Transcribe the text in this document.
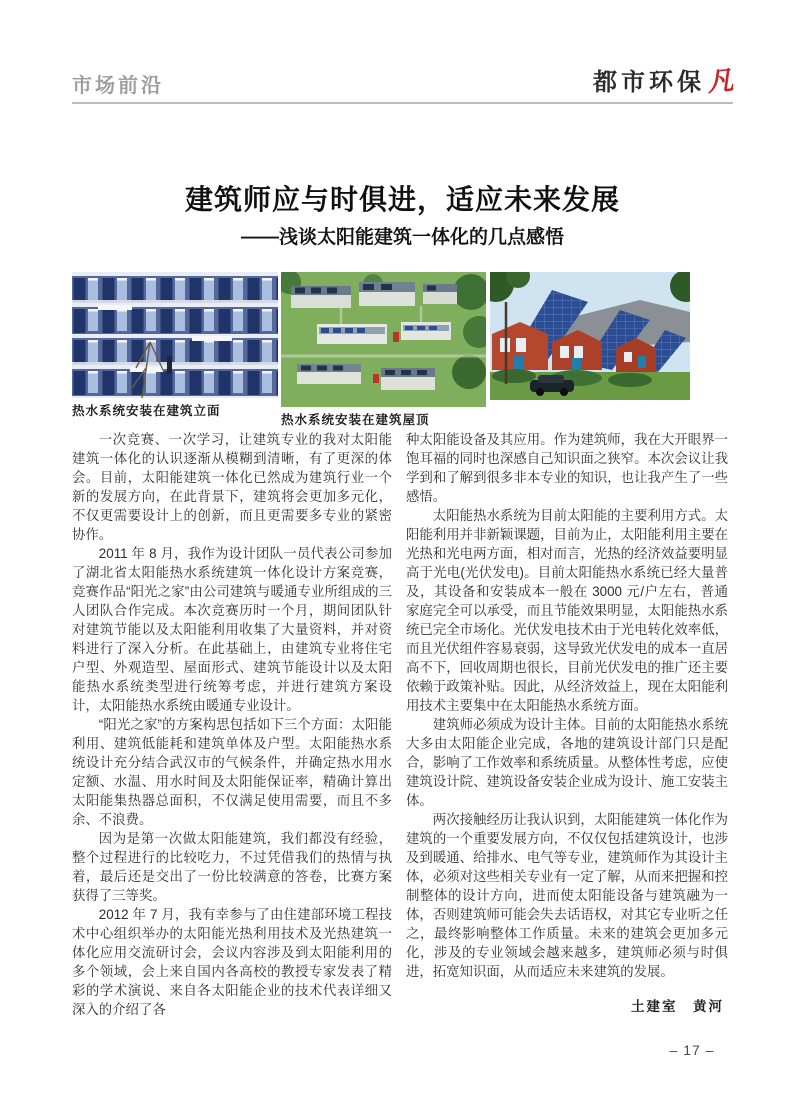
市场前沿	都市环保 凡
建筑师应与时俱进，适应未来发展
——浅谈太阳能建筑一体化的几点感悟
热水系统安装在建筑立面
热水系统安装在建筑屋顶

一次竞赛、一次学习，让建筑专业的我对太阳能建筑一体化的认识逐渐从模糊到清晰，有了更深的体会。目前，太阳能建筑一体化已然成为建筑行业一个新的发展方向，在此背景下，建筑将会更加多元化，不仅更需要设计上的创新，而且更需要多专业的紧密协作。

2011 年 8 月，我作为设计团队一员代表公司参加了湖北省太阳能热水系统建筑一体化设计方案竞赛，竞赛作品“阳光之家”由公司建筑与暖通专业所组成的三人团队合作完成。本次竞赛历时一个月，期间团队针对建筑节能以及太阳能利用收集了大量资料，并对资料进行了深入分析。在此基础上，由建筑专业将住宅户型、外观造型、屋面形式、建筑节能设计以及太阳能热水系统类型进行统筹考虑，并进行建筑方案设计，太阳能热水系统由暖通专业设计。

“阳光之家”的方案构思包括如下三个方面：太阳能利用、建筑低能耗和建筑单体及户型。太阳能热水系统设计充分结合武汉市的气候条件，并确定热水用水定额、水温、用水时间及太阳能保证率，精确计算出太阳能集热器总面积，不仅满足使用需要，而且不多余、不浪费。

因为是第一次做太阳能建筑，我们都没有经验，整个过程进行的比较吃力，不过凭借我们的热情与执着，最后还是交出了一份比较满意的答卷，比赛方案获得了三等奖。

2012 年 7 月，我有幸参与了由住建部环境工程技术中心组织举办的太阳能光热利用技术及光热建筑一体化应用交流研讨会，会议内容涉及到太阳能利用的多个领域，会上来自国内各高校的教授专家发表了精彩的学术演说、来自各太阳能企业的技术代表详细又深入的介绍了各

种太阳能设备及其应用。作为建筑师，我在大开眼界一饱耳福的同时也深感自己知识面之狭窄。本次会议让我学到和了解到很多非本专业的知识，也让我产生了一些感悟。

太阳能热水系统为目前太阳能的主要利用方式。太阳能利用并非新颖课题，目前为止，太阳能利用主要在光热和光电两方面，相对而言，光热的经济效益要明显高于光电(光伏发电)。目前太阳能热水系统已经大量普及，其设备和安装成本一般在 3000 元/户左右，普通家庭完全可以承受，而且节能效果明显，太阳能热水系统已完全市场化。光伏发电技术由于光电转化效率低，而且光伏组件容易衰弱，这导致光伏发电的成本一直居高不下，回收周期也很长，目前光伏发电的推广还主要依赖于政策补贴。因此，从经济效益上，现在太阳能利用技术主要集中在太阳能热水系统方面。

建筑师必须成为设计主体。目前的太阳能热水系统大多由太阳能企业完成，各地的建筑设计部门只是配合，影响了工作效率和系统质量。从整体性考虑，应使建筑设计院、建筑设备安装企业成为设计、施工安装主体。

两次接触经历让我认识到，太阳能建筑一体化作为建筑的一个重要发展方向，不仅仅包括建筑设计，也涉及到暖通、给排水、电气等专业，建筑师作为其设计主体，必须对这些相关专业有一定了解，从而来把握和控制整体的设计方向，进而使太阳能设备与建筑融为一体，否则建筑师可能会失去话语权，对其它专业听之任之，最终影响整体工作质量。未来的建筑会更加多元化，涉及的专业领域会越来越多，建筑师必须与时俱进，拓宽知识面，从而适应未来建筑的发展。

土建室　黄河
– 17 –
